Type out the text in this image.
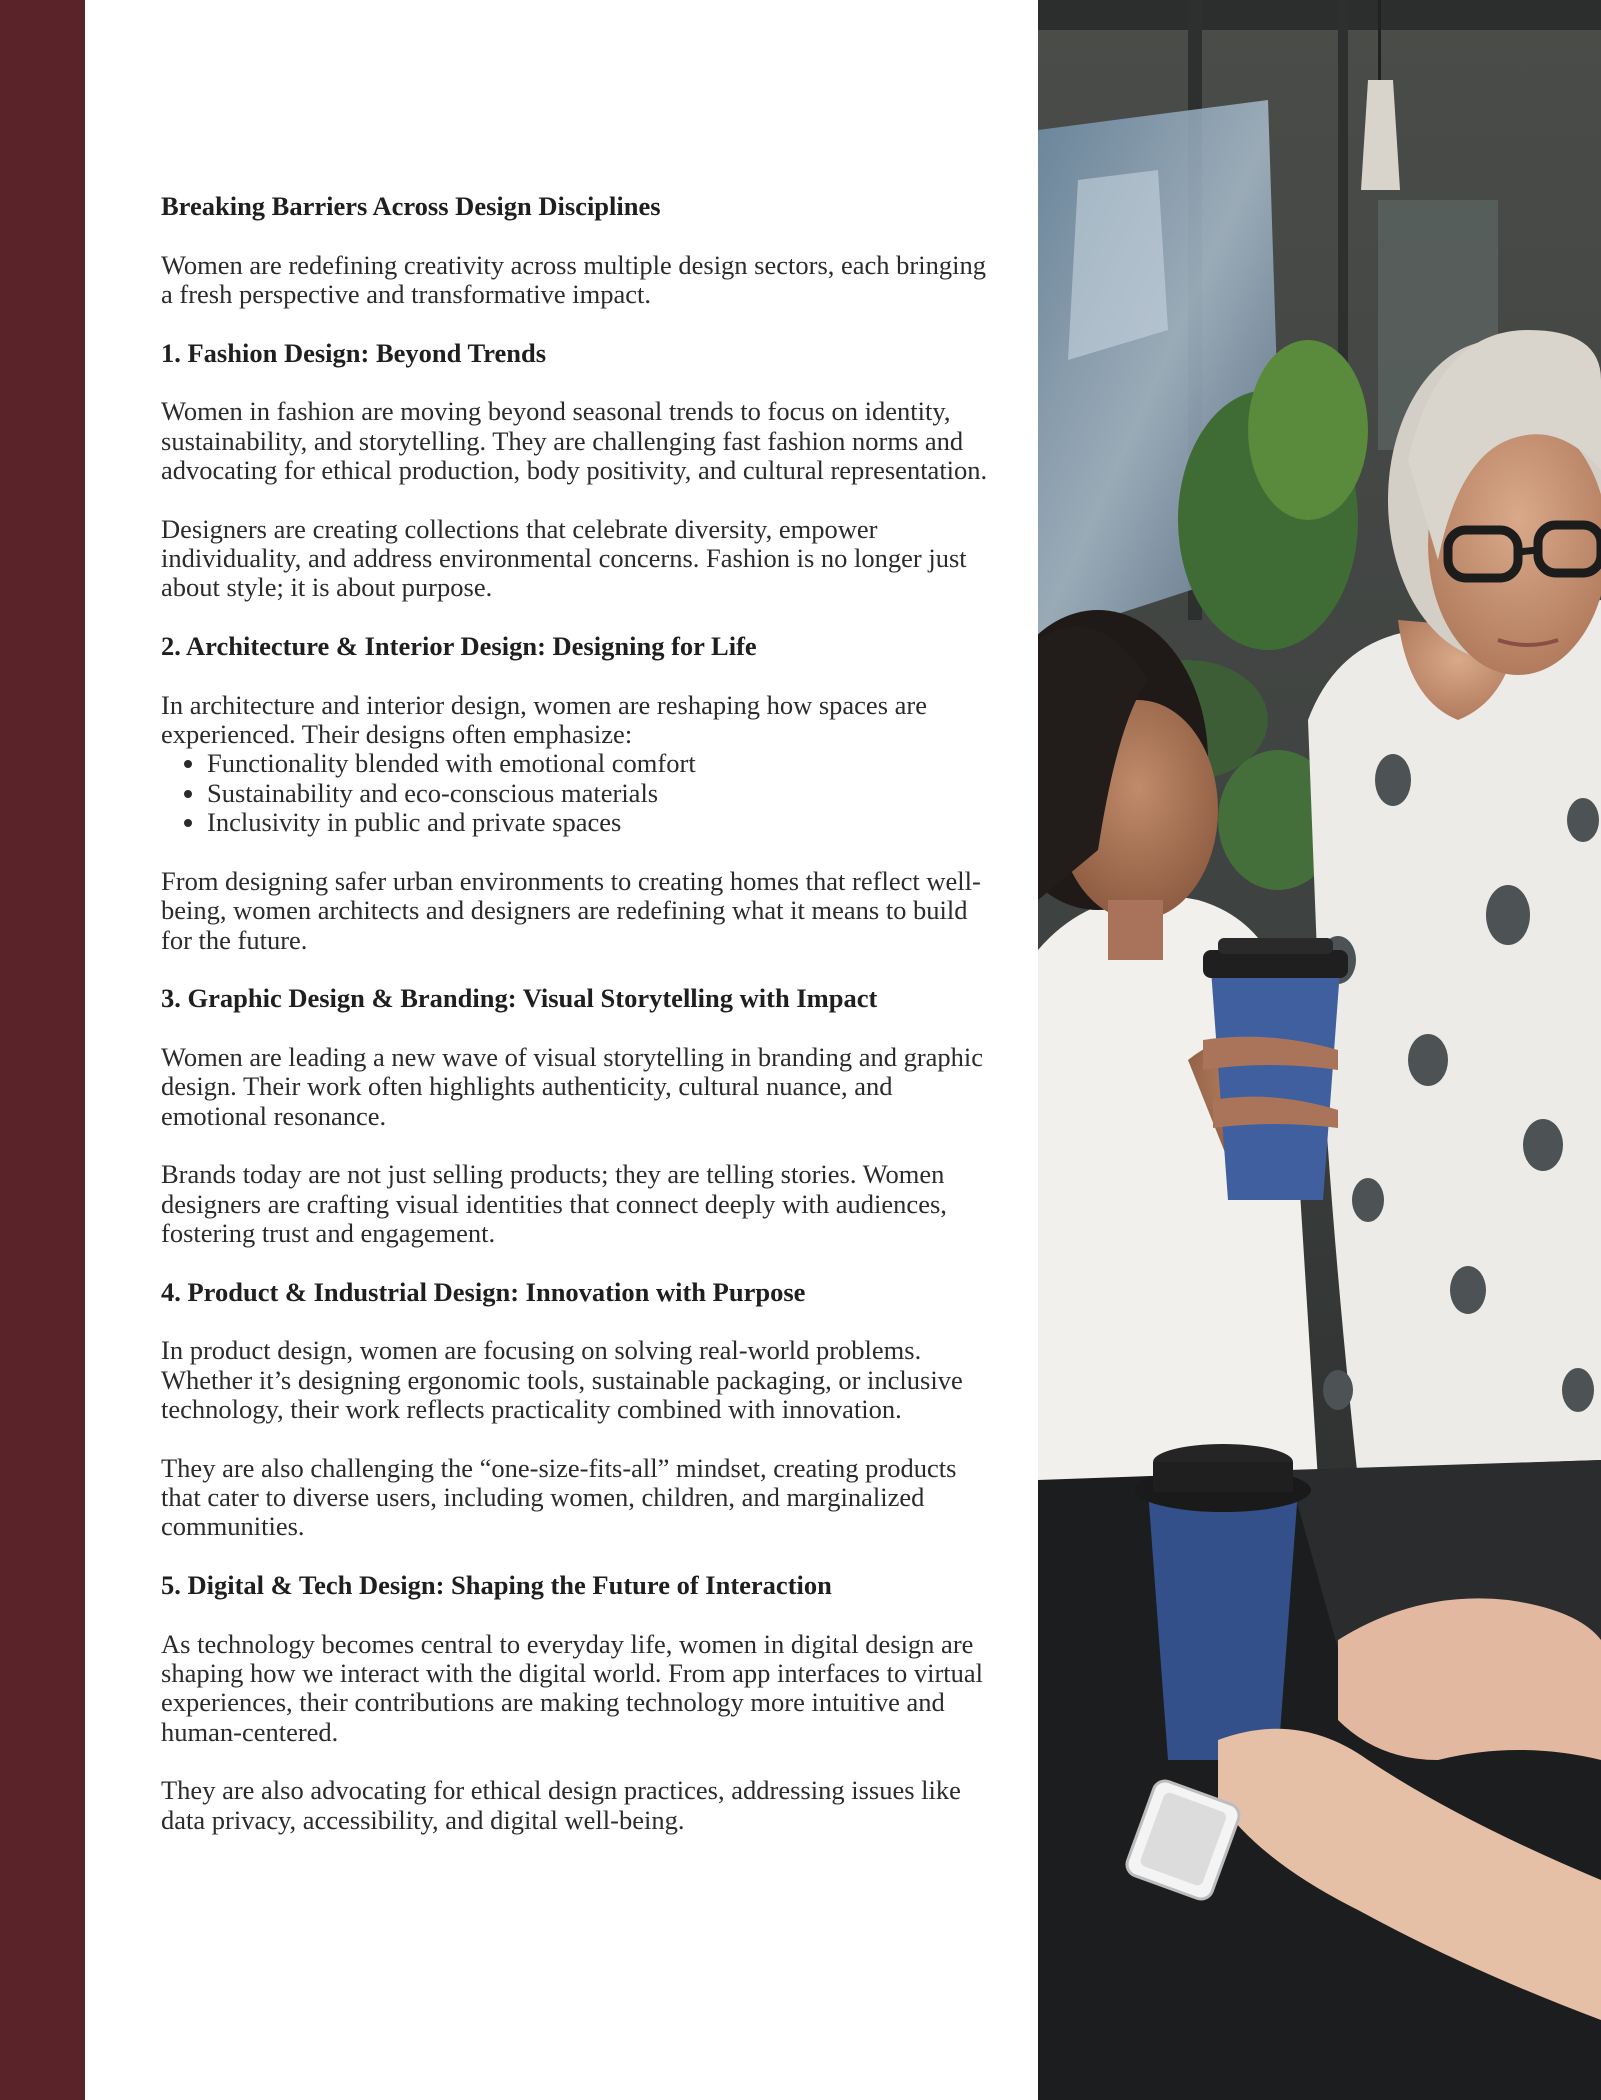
Breaking Barriers Across Design Disciplines

Women are redefining creativity across multiple design sectors, each bringing a fresh perspective and transformative impact.

1. Fashion Design: Beyond Trends

Women in fashion are moving beyond seasonal trends to focus on identity, sustainability, and storytelling. They are challenging fast fashion norms and advocating for ethical production, body positivity, and cultural representation.

Designers are creating collections that celebrate diversity, empower individuality, and address environmental concerns. Fashion is no longer just about style; it is about purpose.

2. Architecture & Interior Design: Designing for Life

In architecture and interior design, women are reshaping how spaces are experienced. Their designs often emphasize:

• Functionality blended with emotional comfort
• Sustainability and eco-conscious materials
• Inclusivity in public and private spaces

From designing safer urban environments to creating homes that reflect well-being, women architects and designers are redefining what it means to build for the future.

3. Graphic Design & Branding: Visual Storytelling with Impact

Women are leading a new wave of visual storytelling in branding and graphic design. Their work often highlights authenticity, cultural nuance, and emotional resonance.

Brands today are not just selling products; they are telling stories. Women designers are crafting visual identities that connect deeply with audiences, fostering trust and engagement.

4. Product & Industrial Design: Innovation with Purpose

In product design, women are focusing on solving real-world problems. Whether it’s designing ergonomic tools, sustainable packaging, or inclusive technology, their work reflects practicality combined with innovation.

They are also challenging the “one-size-fits-all” mindset, creating products that cater to diverse users, including women, children, and marginalized communities.

5. Digital & Tech Design: Shaping the Future of Interaction

As technology becomes central to everyday life, women in digital design are shaping how we interact with the digital world. From app interfaces to virtual experiences, their contributions are making technology more intuitive and human-centered.

They are also advocating for ethical design practices, addressing issues like data privacy, accessibility, and digital well-being.
